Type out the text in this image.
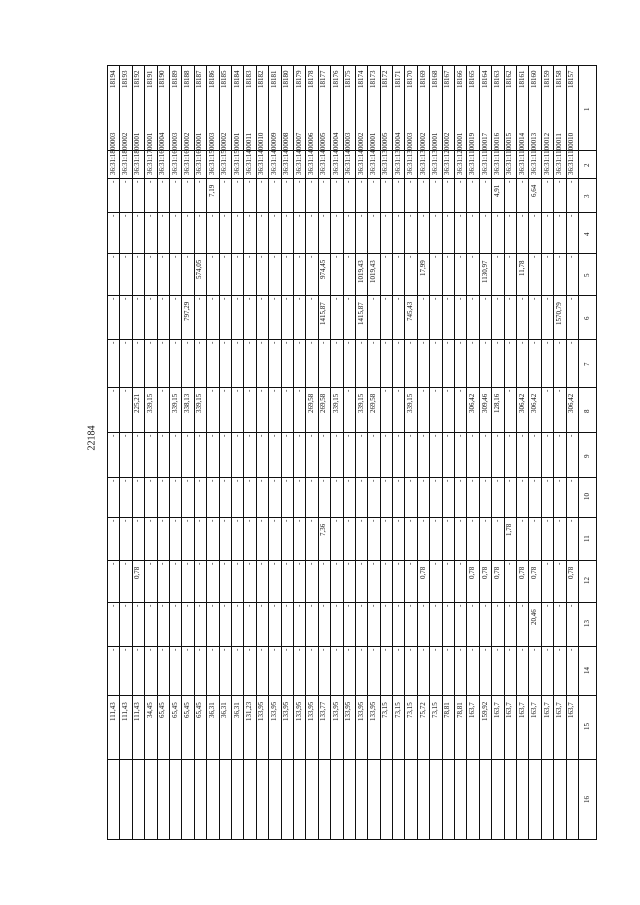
22184
1
2
3
4
5
6
7
8
9
10
11
12
13
14
15
16
18157
36:31:1100010
-
-
-
-
-
306,42
-
-
-
0,78
-
-
163,7
18158
36:31:1100011
-
-
-
1570,79
-
-
-
-
-
-
-
-
163,7
18159
36:31:1100012
-
-
-
-
-
-
-
-
-
-
-
-
163,7
18160
36:31:1100013
6,64
-
-
-
-
306,42
-
-
-
0,78
20,46
-
163,7
18161
36:31:1100014
-
-
11,78
-
-
306,42
-
-
-
0,78
-
-
163,7
18162
36:31:1100015
-
-
-
-
-
-
-
-
1,78
-
-
-
163,7
18163
36:31:1100016
4,91
-
-
-
-
128,16
-
-
-
0,78
-
-
163,7
18164
36:31:1100017
-
-
1130,97
-
-
309,46
-
-
-
0,78
-
-
159,92
18165
36:31:1100019
-
-
-
-
-
306,42
-
-
-
0,78
-
-
163,7
18166
36:31:1200001
-
-
-
-
-
-
-
-
-
-
-
-
78,81
18167
36:31:1200002
-
-
-
-
-
-
-
-
-
-
-
-
78,81
18168
36:31:1300001
-
-
-
-
-
-
-
-
-
-
-
-
73,15
18169
36:31:1300002
-
-
17,99
-
-
-
-
-
-
0,78
-
-
75,72
18170
36:31:1300003
-
-
-
745,43
-
339,15
-
-
-
-
-
-
73,15
18171
36:31:1300004
-
-
-
-
-
-
-
-
-
-
-
-
73,15
18172
36:31:1300005
-
-
-
-
-
-
-
-
-
-
-
-
73,15
18173
36:31:1400001
-
-
1019,43
-
-
269,58
-
-
-
-
-
-
133,95
18174
36:31:1400002
-
-
1019,43
1415,87
-
339,15
-
-
-
-
-
-
133,95
18175
36:31:1400003
-
-
-
-
-
-
-
-
-
-
-
-
133,95
18176
36:31:1400004
-
-
-
-
-
339,15
-
-
-
-
-
-
133,95
18177
36:31:1400005
-
-
974,45
1415,87
-
269,58
-
-
7,36
-
-
-
133,77
18178
36:31:1400006
-
-
-
-
-
269,58
-
-
-
-
-
-
133,95
18179
36:31:1400007
-
-
-
-
-
-
-
-
-
-
-
-
133,95
18180
36:31:1400008
-
-
-
-
-
-
-
-
-
-
-
-
133,95
18181
36:31:1400009
-
-
-
-
-
-
-
-
-
-
-
-
133,95
18182
36:31:1400010
-
-
-
-
-
-
-
-
-
-
-
-
133,95
18183
36:31:1400011
-
-
-
-
-
-
-
-
-
-
-
-
131,23
18184
36:31:1500001
-
-
-
-
-
-
-
-
-
-
-
-
36,31
18185
36:31:1500002
-
-
-
-
-
-
-
-
-
-
-
-
36,31
18186
36:31:1500003
7,19
-
-
-
-
-
-
-
-
-
-
-
36,31
18187
36:31:1600001
-
-
574,05
-
-
339,15
-
-
-
-
-
-
65,45
18188
36:31:1600002
-
-
-
797,29
-
338,13
-
-
-
-
-
-
65,45
18189
36:31:1600003
-
-
-
-
-
339,15
-
-
-
-
-
-
65,45
18190
36:31:1600004
-
-
-
-
-
-
-
-
-
-
-
-
65,45
18191
36:31:1700001
-
-
-
-
-
339,15
-
-
-
-
-
-
34,45
18192
36:31:1800001
-
-
-
-
-
225,21
-
-
-
0,78
-
-
111,43
18193
36:31:1800002
-
-
-
-
-
-
-
-
-
-
-
-
111,43
18194
36:31:1800003
-
-
-
-
-
-
-
-
-
-
-
-
111,43
